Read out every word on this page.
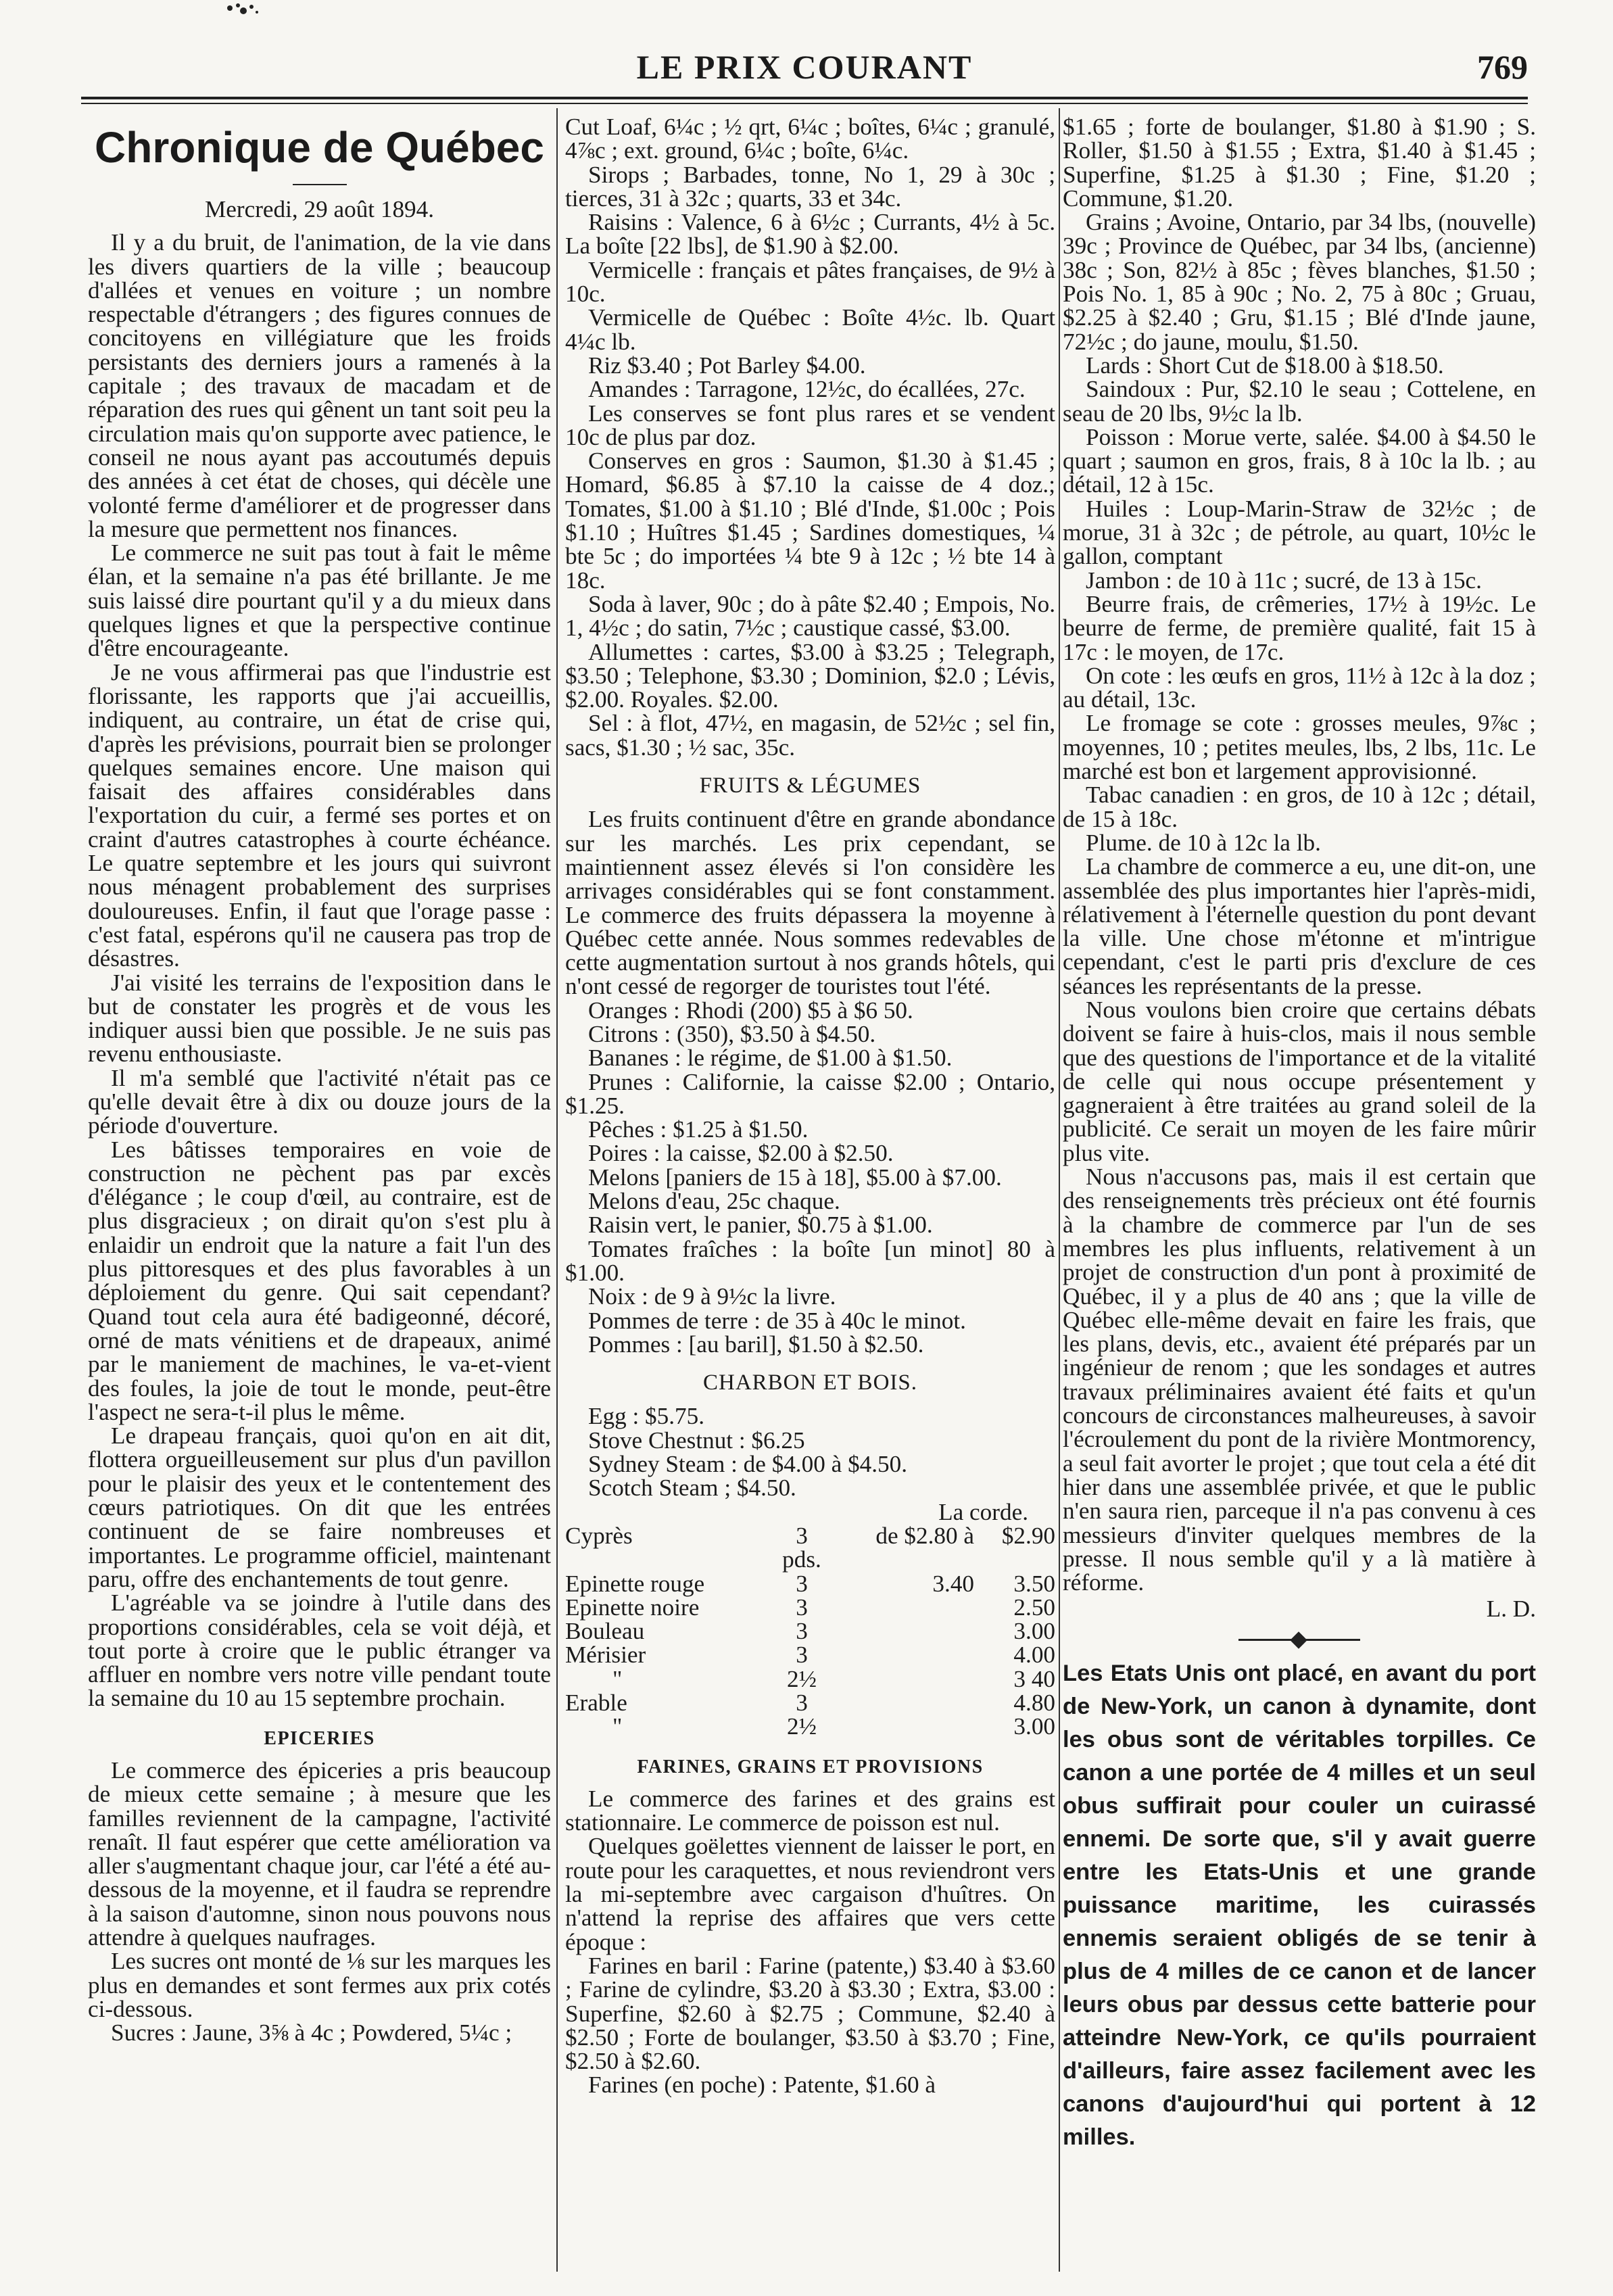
LE PRIX COURANT	769
Chronique de Québec
Mercredi, 29 août 1894.

Il y a du bruit, de l'animation, de la vie dans les divers quartiers de la ville ; beaucoup d'allées et venues en voiture ; un nombre respectable d'étrangers ; des figures connues de concitoyens en villégiature que les froids persistants des derniers jours a ramenés à la capitale ; des travaux de macadam et de réparation des rues qui gênent un tant soit peu la circulation mais qu'on supporte avec patience, le conseil ne nous ayant pas accoutumés depuis des années à cet état de choses, qui décèle une volonté ferme d'améliorer et de progresser dans la mesure que permettent nos finances.

Le commerce ne suit pas tout à fait le même élan, et la semaine n'a pas été brillante. Je me suis laissé dire pourtant qu'il y a du mieux dans quelques lignes et que la perspective continue d'être encourageante.

Je ne vous affirmerai pas que l'industrie est florissante, les rapports que j'ai accueillis, indiquent, au contraire, un état de crise qui, d'après les prévisions, pourrait bien se prolonger quelques semaines encore. Une maison qui faisait des affaires considérables dans l'exportation du cuir, a fermé ses portes et on craint d'autres catastrophes à courte échéance. Le quatre septembre et les jours qui suivront nous ménagent probablement des surprises douloureuses. Enfin, il faut que l'orage passe : c'est fatal, espérons qu'il ne causera pas trop de désastres.

J'ai visité les terrains de l'exposition dans le but de constater les progrès et de vous les indiquer aussi bien que possible. Je ne suis pas revenu enthousiaste.

Il m'a semblé que l'activité n'était pas ce qu'elle devait être à dix ou douze jours de la période d'ouverture.

Les bâtisses temporaires en voie de construction ne pèchent pas par excès d'élégance ; le coup d'œil, au contraire, est de plus disgracieux ; on dirait qu'on s'est plu à enlaidir un endroit que la nature a fait l'un des plus pittoresques et des plus favorables à un déploiement du genre. Qui sait cependant? Quand tout cela aura été badigeonné, décoré, orné de mats vénitiens et de drapeaux, animé par le maniement de machines, le va-et-vient des foules, la joie de tout le monde, peut-être l'aspect ne sera-t-il plus le même.

Le drapeau français, quoi qu'on en ait dit, flottera orgueilleusement sur plus d'un pavillon pour le plaisir des yeux et le contentement des cœurs patriotiques. On dit que les entrées continuent de se faire nombreuses et importantes. Le programme officiel, maintenant paru, offre des enchantements de tout genre.

L'agréable va se joindre à l'utile dans des proportions considérables, cela se voit déjà, et tout porte à croire que le public étranger va affluer en nombre vers notre ville pendant toute la semaine du 10 au 15 septembre prochain.

EPICERIES

Le commerce des épiceries a pris beaucoup de mieux cette semaine ; à mesure que les familles reviennent de la campagne, l'activité renaît. Il faut espérer que cette amélioration va aller s'augmentant chaque jour, car l'été a été au-dessous de la moyenne, et il faudra se reprendre à la saison d'automne, sinon nous pouvons nous attendre à quelques naufrages.

Les sucres ont monté de ⅛ sur les marques les plus en demandes et sont fermes aux prix cotés ci-dessous.

Sucres : Jaune, 3⅝ à 4c ; Powdered, 5¼c ;

Cut Loaf, 6¼c ; ½ qrt, 6¼c ; boîtes, 6¼c ; granulé, 4⅞c ; ext. ground, 6¼c ; boîte, 6¼c.

Sirops ; Barbades, tonne, No 1, 29 à 30c ; tierces, 31 à 32c ; quarts, 33 et 34c.

Raisins : Valence, 6 à 6½c ; Currants, 4½ à 5c. La boîte [22 lbs], de $1.90 à $2.00.

Vermicelle : français et pâtes françaises, de 9½ à 10c.

Vermicelle de Québec : Boîte 4½c. lb. Quart 4¼c lb.

Riz $3.40 ; Pot Barley $4.00.

Amandes : Tarragone, 12½c, do écallées, 27c.

Les conserves se font plus rares et se vendent 10c de plus par doz.

Conserves en gros : Saumon, $1.30 à $1.45 ; Homard, $6.85 à $7.10 la caisse de 4 doz.; Tomates, $1.00 à $1.10 ; Blé d'Inde, $1.00c ; Pois $1.10 ; Huîtres $1.45 ; Sardines domestiques, ¼ bte 5c ; do importées ¼ bte 9 à 12c ; ½ bte 14 à 18c.

Soda à laver, 90c ; do à pâte $2.40 ; Empois, No. 1, 4½c ; do satin, 7½c ; caustique cassé, $3.00.

Allumettes : cartes, $3.00 à $3.25 ; Telegraph, $3.50 ; Telephone, $3.30 ; Dominion, $2.0 ; Lévis, $2.00. Royales. $2.00.

Sel : à flot, 47½, en magasin, de 52½c ; sel fin, sacs, $1.30 ; ½ sac, 35c.

FRUITS & LÉGUMES

Les fruits continuent d'être en grande abondance sur les marchés. Les prix cependant, se maintiennent assez élevés si l'on considère les arrivages considérables qui se font constamment. Le commerce des fruits dépassera la moyenne à Québec cette année. Nous sommes redevables de cette augmentation surtout à nos grands hôtels, qui n'ont cessé de regorger de touristes tout l'été.

Oranges : Rhodi (200) $5 à $6 50.

Citrons : (350), $3.50 à $4.50.

Bananes : le régime, de $1.00 à $1.50.

Prunes : Californie, la caisse $2.00 ; Ontario, $1.25.

Pêches : $1.25 à $1.50.

Poires : la caisse, $2.00 à $2.50.

Melons [paniers de 15 à 18], $5.00 à $7.00.

Melons d'eau, 25c chaque.

Raisin vert, le panier, $0.75 à $1.00.

Tomates fraîches : la boîte [un minot] 80 à $1.00.

Noix : de 9 à 9½c la livre.

Pommes de terre : de 35 à 40c le minot.

Pommes : [au baril], $1.50 à $2.50.

CHARBON ET BOIS.

Egg : $5.75.

Stove Chestnut : $6.25

Sydney Steam : de $4.00 à $4.50.

Scotch Steam ; $4.50.

La corde.
Cyprès	3 pds.	de $2.80 à	$2.90
Epinette rouge	3	3.40	3.50
Epinette noire	3		2.50
Bouleau	3		3.00
Mérisier	3		4.00
"	2½		3 40
Erable	3		4.80
"	2½		3.00
FARINES, GRAINS ET PROVISIONS

Le commerce des farines et des grains est stationnaire. Le commerce de poisson est nul.

Quelques goëlettes viennent de laisser le port, en route pour les caraquettes, et nous reviendront vers la mi-septembre avec cargaison d'huîtres. On n'attend la reprise des affaires que vers cette époque :

Farines en baril : Farine (patente,) $3.40 à $3.60 ; Farine de cylindre, $3.20 à $3.30 ; Extra, $3.00 : Superfine, $2.60 à $2.75 ; Commune, $2.40 à $2.50 ; Forte de boulanger, $3.50 à $3.70 ; Fine, $2.50 à $2.60.

Farines (en poche) : Patente, $1.60 à

$1.65 ; forte de boulanger, $1.80 à $1.90 ; S. Roller, $1.50 à $1.55 ; Extra, $1.40 à $1.45 ; Superfine, $1.25 à $1.30 ; Fine, $1.20 ; Commune, $1.20.

Grains ; Avoine, Ontario, par 34 lbs, (nouvelle) 39c ; Province de Québec, par 34 lbs, (ancienne) 38c ; Son, 82½ à 85c ; fèves blanches, $1.50 ; Pois No. 1, 85 à 90c ; No. 2, 75 à 80c ; Gruau, $2.25 à $2.40 ; Gru, $1.15 ; Blé d'Inde jaune, 72½c ; do jaune, moulu, $1.50.

Lards : Short Cut de $18.00 à $18.50.

Saindoux : Pur, $2.10 le seau ; Cottelene, en seau de 20 lbs, 9½c la lb.

Poisson : Morue verte, salée. $4.00 à $4.50 le quart ; saumon en gros, frais, 8 à 10c la lb. ; au détail, 12 à 15c.

Huiles : Loup-Marin-Straw de 32½c ; de morue, 31 à 32c ; de pétrole, au quart, 10½c le gallon, comptant

Jambon : de 10 à 11c ; sucré, de 13 à 15c.

Beurre frais, de crêmeries, 17½ à 19½c. Le beurre de ferme, de première qualité, fait 15 à 17c : le moyen, de 17c.

On cote : les œufs en gros, 11½ à 12c à la doz ; au détail, 13c.

Le fromage se cote : grosses meules, 9⅞c ; moyennes, 10 ; petites meules, lbs, 2 lbs, 11c. Le marché est bon et largement approvisionné.

Tabac canadien : en gros, de 10 à 12c ; détail, de 15 à 18c.

Plume. de 10 à 12c la lb.

La chambre de commerce a eu, une dit-on, une assemblée des plus importantes hier l'après-midi, rélativement à l'éternelle question du pont devant la ville. Une chose m'étonne et m'intrigue cependant, c'est le parti pris d'exclure de ces séances les représentants de la presse.

Nous voulons bien croire que certains débats doivent se faire à huis-clos, mais il nous semble que des questions de l'importance et de la vitalité de celle qui nous occupe présentement y gagneraient à être traitées au grand soleil de la publicité. Ce serait un moyen de les faire mûrir plus vite.

Nous n'accusons pas, mais il est certain que des renseignements très précieux ont été fournis à la chambre de commerce par l'un de ses membres les plus influents, relativement à un projet de construction d'un pont à proximité de Québec, il y a plus de 40 ans ; que la ville de Québec elle-même devait en faire les frais, que les plans, devis, etc., avaient été préparés par un ingénieur de renom ; que les sondages et autres travaux préliminaires avaient été faits et qu'un concours de circonstances malheureuses, à savoir l'écroulement du pont de la rivière Montmorency, a seul fait avorter le projet ; que tout cela a été dit hier dans une assemblée privée, et que le public n'en saura rien, parceque il n'a pas convenu à ces messieurs d'inviter quelques membres de la presse. Il nous semble qu'il y a là matière à réforme.

L. D.

Les Etats Unis ont placé, en avant du port de New-York, un canon à dynamite, dont les obus sont de véritables torpilles. Ce canon a une portée de 4 milles et un seul obus suffirait pour couler un cuirassé ennemi. De sorte que, s'il y avait guerre entre les Etats-Unis et une grande puissance maritime, les cuirassés ennemis seraient obligés de se tenir à plus de 4 milles de ce canon et de lancer leurs obus par dessus cette batterie pour atteindre New-York, ce qu'ils pourraient d'ailleurs, faire assez facilement avec les canons d'aujourd'hui qui portent à 12 milles.
